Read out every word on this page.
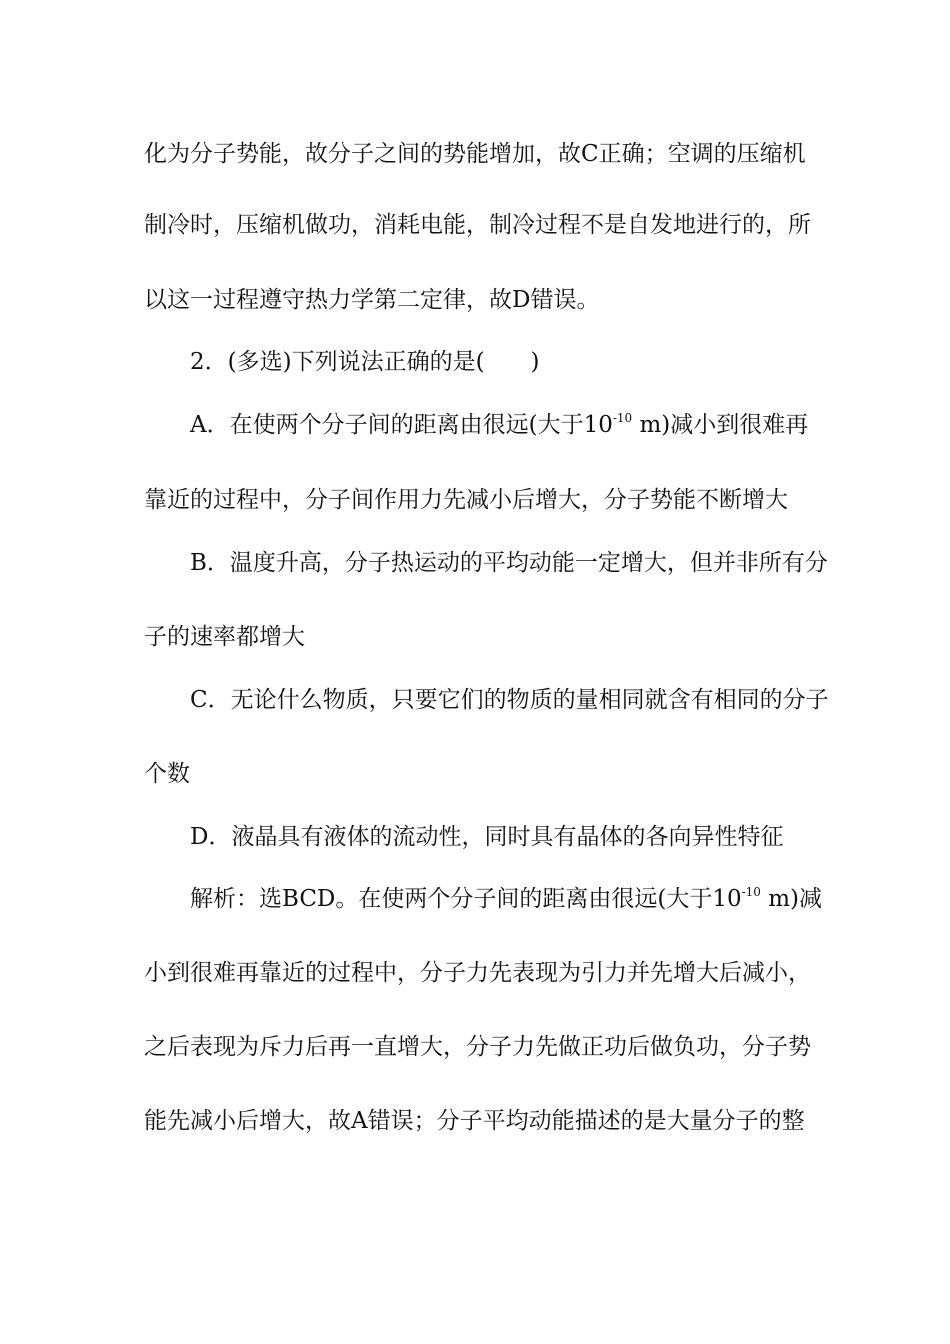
化为分子势能，故分子之间的势能增加，故C正确；空调的压缩机
制冷时，压缩机做功，消耗电能，制冷过程不是自发地进行的，所
以这一过程遵守热力学第二定律，故D错误。
2．(多选)下列说法正确的是(　　)
A．在使两个分子间的距离由很远(大于$10^{-10}$ m)减小到很难再
靠近的过程中，分子间作用力先减小后增大，分子势能不断增大
B．温度升高，分子热运动的平均动能一定增大，但并非所有分
子的速率都增大
C．无论什么物质，只要它们的物质的量相同就含有相同的分子
个数
D．液晶具有液体的流动性，同时具有晶体的各向异性特征
解析：选BCD。在使两个分子间的距离由很远(大于$10^{-10}$ m)减
小到很难再靠近的过程中，分子力先表现为引力并先增大后减小，
之后表现为斥力后再一直增大，分子力先做正功后做负功，分子势
能先减小后增大，故A错误；分子平均动能描述的是大量分子的整
